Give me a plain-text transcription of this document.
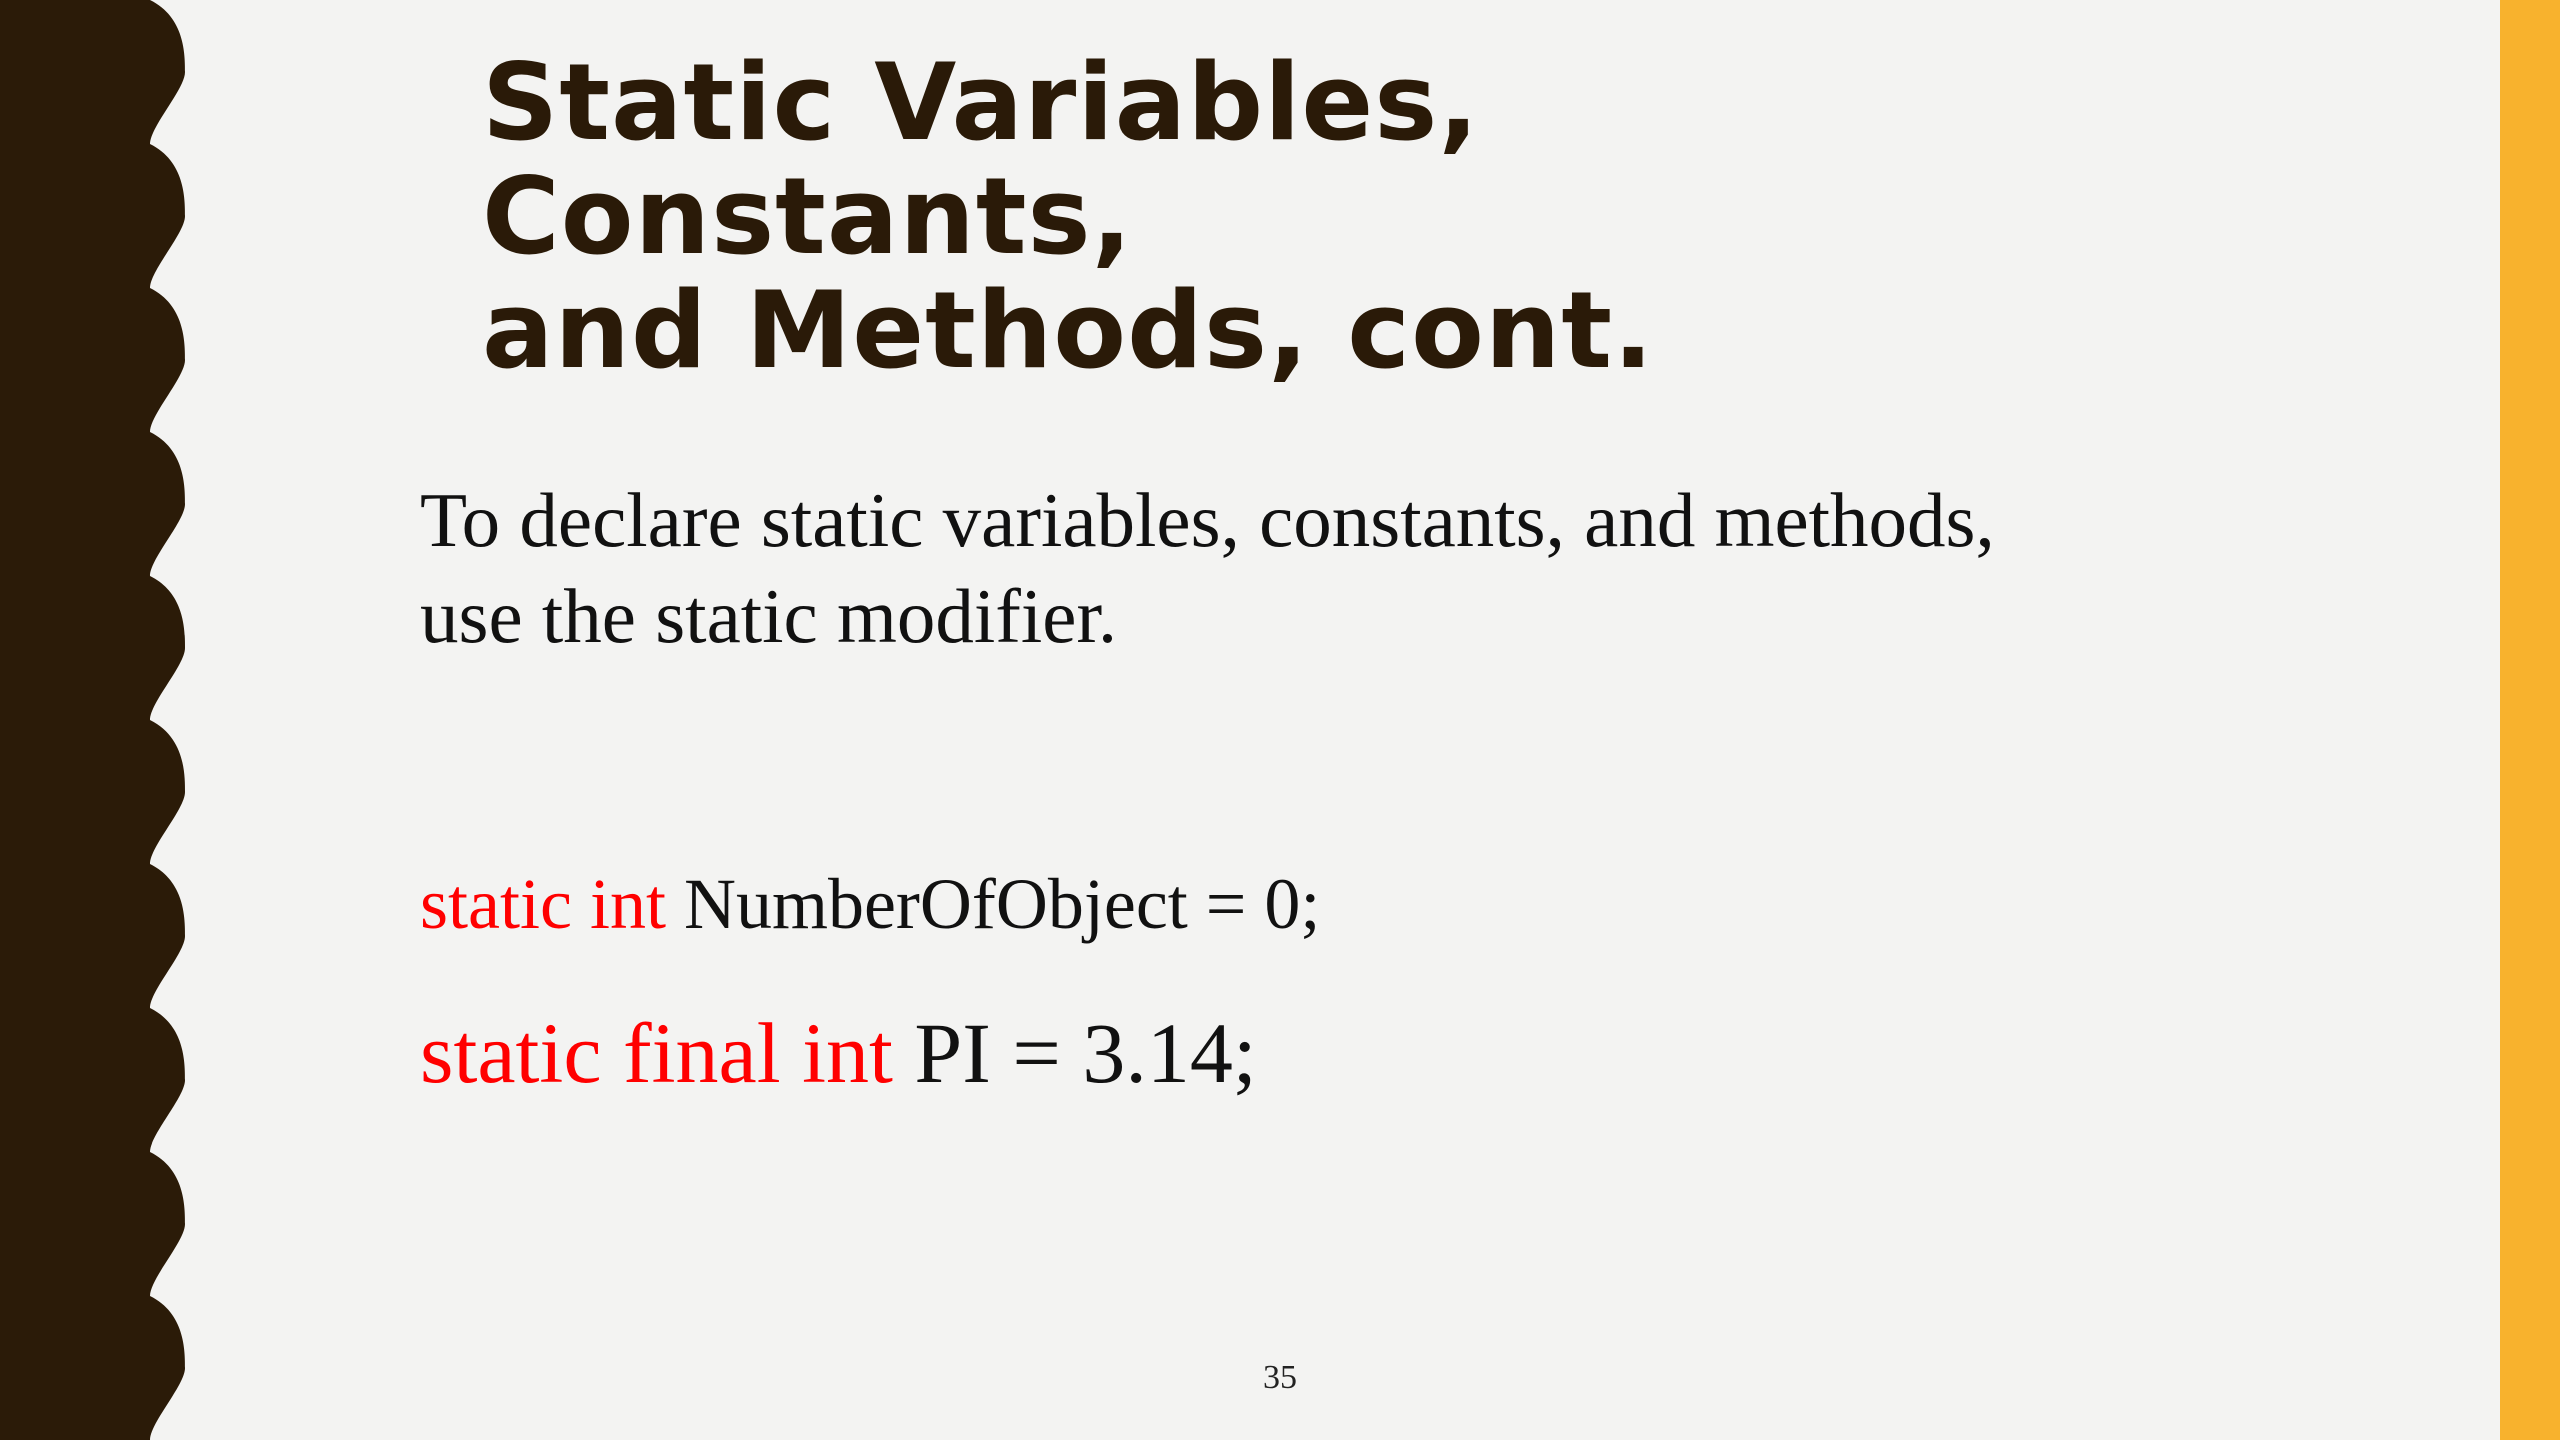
Static Variables, Constants,
and Methods, cont.

To declare static variables, constants, and methods,
use the static modifier.

static int NumberOfObject = 0;

static final int PI = 3.14;

35
